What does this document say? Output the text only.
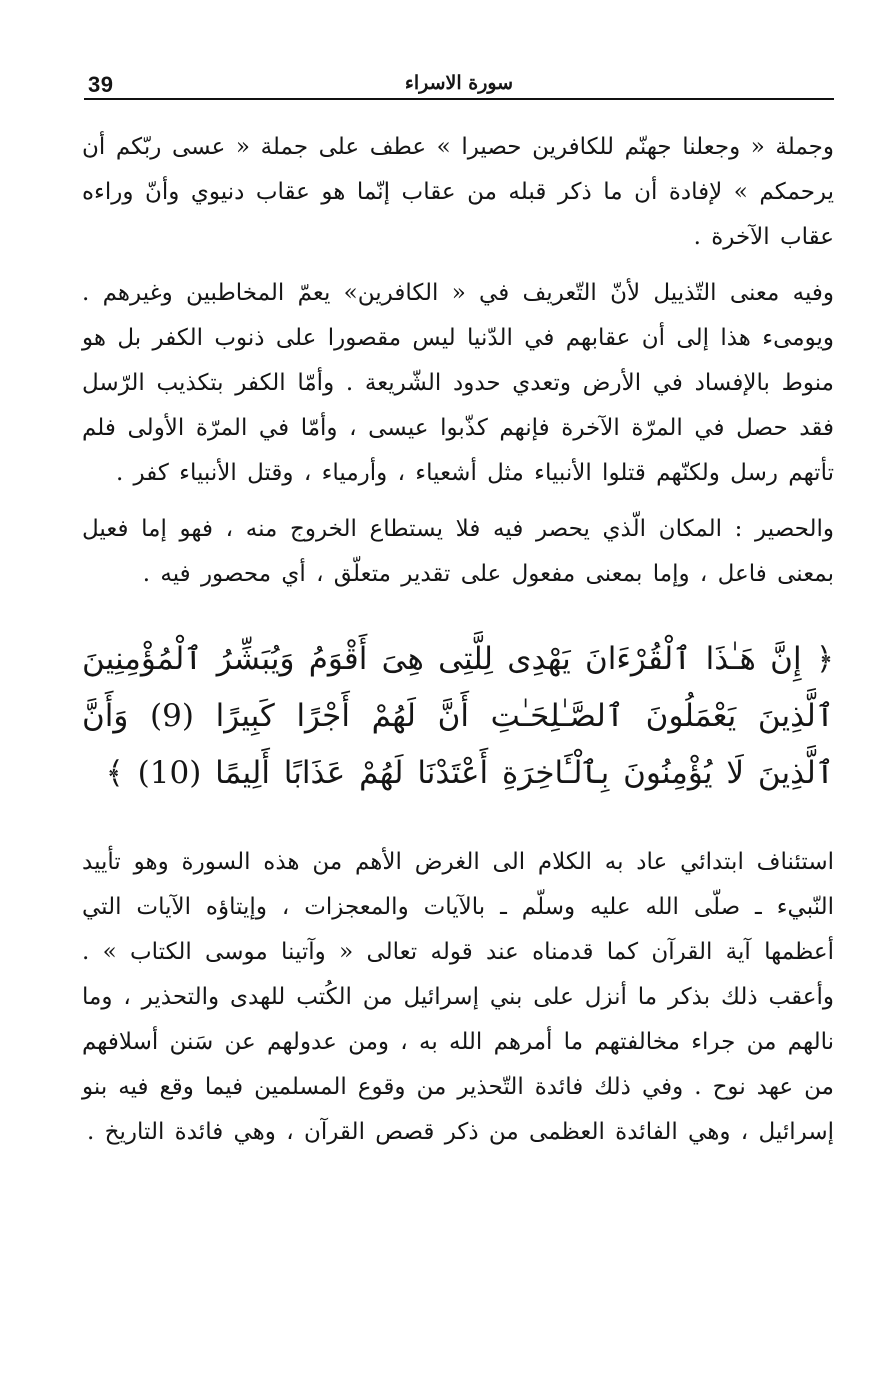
39	سورة الاسراء

وجملة « وجعلنا جهنّم للكافرين حصيرا » عطف على جملة « عسى ربّكم أن يرحمكم » لإفادة أن ما ذكر قبله من عقاب إنّما هو عقاب دنيوي وأنّ وراءه عقاب الآخرة .

وفيه معنى التّذييل لأنّ التّعريف في « الكافرين» يعمّ المخاطبين وغيرهم . ويومىء هذا إلى أن عقابهم في الدّنيا ليس مقصورا على ذنوب الكفر بل هو منوط بالإفساد في الأرض وتعدي حدود الشّريعة . وأمّا الكفر بتكذيب الرّسل فقد حصل في المرّة الآخرة فإنهم كذّبوا عيسى ، وأمّا في المرّة الأولى فلم تأتهم رسل ولكنّهم قتلوا الأنبياء مثل أشعياء ، وأرمياء ، وقتل الأنبياء كفر .

والحصير : المكان الّذي يحصر فيه فلا يستطاع الخروج منه ، فهو إما فعيل بمعنى فاعل ، وإما بمعنى مفعول على تقدير متعلّق ، أي محصور فيه .

﴿ إِنَّ هَـٰذَا ٱلْقُرْءَانَ يَهْدِى لِلَّتِى هِىَ أَقْوَمُ وَيُبَشِّرُ ٱلْمُؤْمِنِينَ ٱلَّذِينَ يَعْمَلُونَ ٱلصَّـٰلِحَـٰتِ أَنَّ لَهُمْ أَجْرًا كَبِيرًا (9) وَأَنَّ ٱلَّذِينَ لَا يُؤْمِنُونَ بِٱلْـَٔاخِرَةِ أَعْتَدْنَا لَهُمْ عَذَابًا أَلِيمًا (10) ﴾

استئناف ابتدائي عاد به الكلام الى الغرض الأهم من هذه السورة وهو تأييد النّبيء ـ صلّى الله عليه وسلّم ـ بالآيات والمعجزات ، وإيتاؤه الآيات التي أعظمها آية القرآن كما قدمناه عند قوله تعالى « وآتينا موسى الكتاب » . وأعقب ذلك بذكر ما أنزل على بني إسرائيل من الكُتب للهدى والتحذير ، وما نالهم من جراء مخالفتهم ما أمرهم الله به ، ومن عدولهم عن سَنن أسلافهم من عهد نوح . وفي ذلك فائدة التّحذير من وقوع المسلمين فيما وقع فيه بنو إسرائيل ، وهي الفائدة العظمى من ذكر قصص القرآن ، وهي فائدة التاريخ .
